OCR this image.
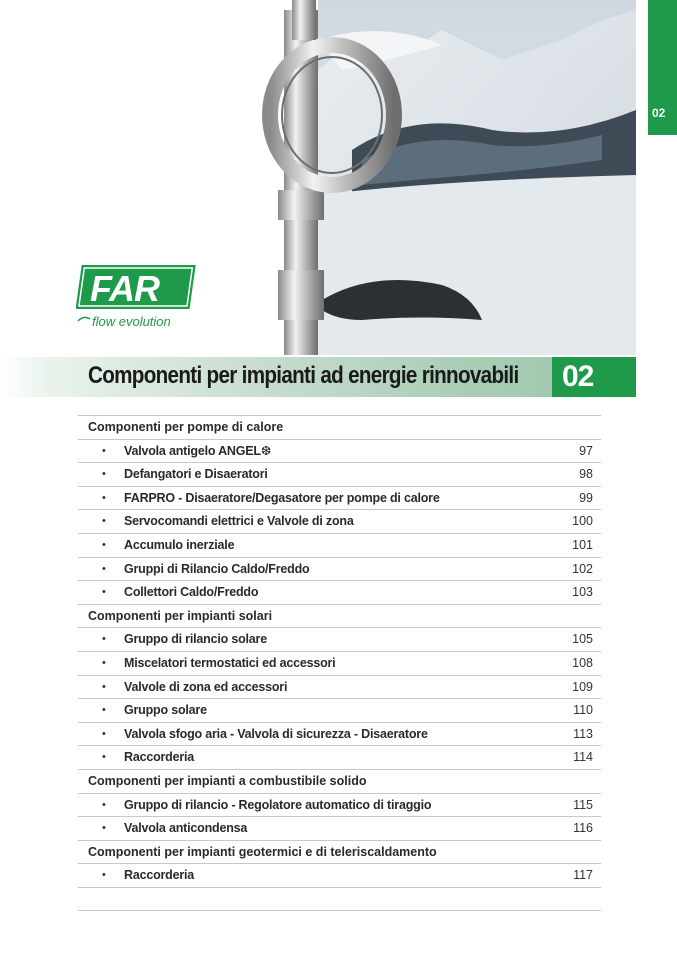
02
FAR
flow evolution
Componenti per impianti ad energie rinnovabili	02
Componenti per pompe di calore
• Valvola antigelo ANGEL❆	97
• Defangatori e Disaeratori	98
• FARPRO - Disaeratore/Degasatore per pompe di calore	99
• Servocomandi elettrici e Valvole di zona	100
• Accumulo inerziale	101
• Gruppi di Rilancio Caldo/Freddo	102
• Collettori Caldo/Freddo	103
Componenti per impianti solari
• Gruppo di rilancio solare	105
• Miscelatori termostatici ed accessori	108
• Valvole di zona ed accessori	109
• Gruppo solare	110
• Valvola sfogo aria - Valvola di sicurezza - Disaeratore	113
• Raccorderia	114
Componenti per impianti a combustibile solido
• Gruppo di rilancio - Regolatore automatico di tiraggio	115
• Valvola anticondensa	116
Componenti per impianti geotermici e di teleriscaldamento
• Raccorderia	117
